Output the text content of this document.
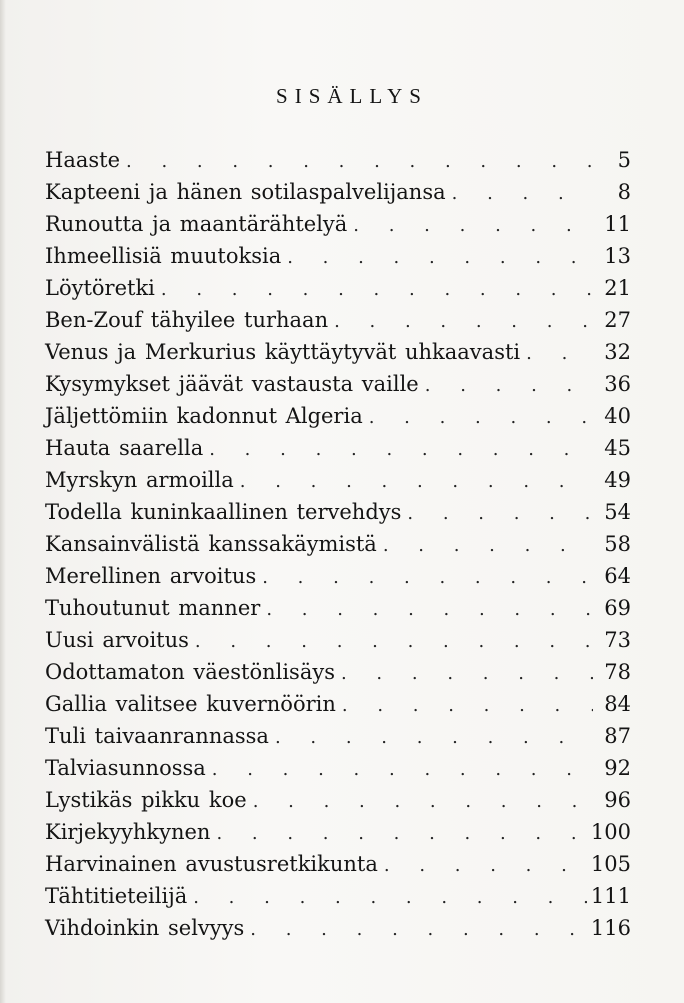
SISÄLLYS
Haaste . . .	5
Kapteeni ja hänen sotilaspalvelijansa . . .	8
Runoutta ja maantärähtelyä . . .	11
Ihmeellisiä muutoksia . . .	13
Löytöretki . . .	21
Ben-Zouf tähyilee turhaan . . .	27
Venus ja Merkurius käyttäytyvät uhkaavasti . . .	32
Kysymykset jäävät vastausta vaille . . .	36
Jäljettömiin kadonnut Algeria . . .	40
Hauta saarella . . .	45
Myrskyn armoilla . . .	49
Todella kuninkaallinen tervehdys . . .	54
Kansainvälistä kanssakäymistä . . .	58
Merellinen arvoitus . . .	64
Tuhoutunut manner . . .	69
Uusi arvoitus . . .	73
Odottamaton väestönlisäys . . .	78
Gallia valitsee kuvernöörin . . .	84
Tuli taivaanrannassa . . .	87
Talviasunnossa . . .	92
Lystikäs pikku koe . . .	96
Kirjekyyhkynen . . .	100
Harvinainen avustusretkikunta . . .	105
Tähtitieteilijä . . .	111
Vihdoinkin selvyys . . .	116
